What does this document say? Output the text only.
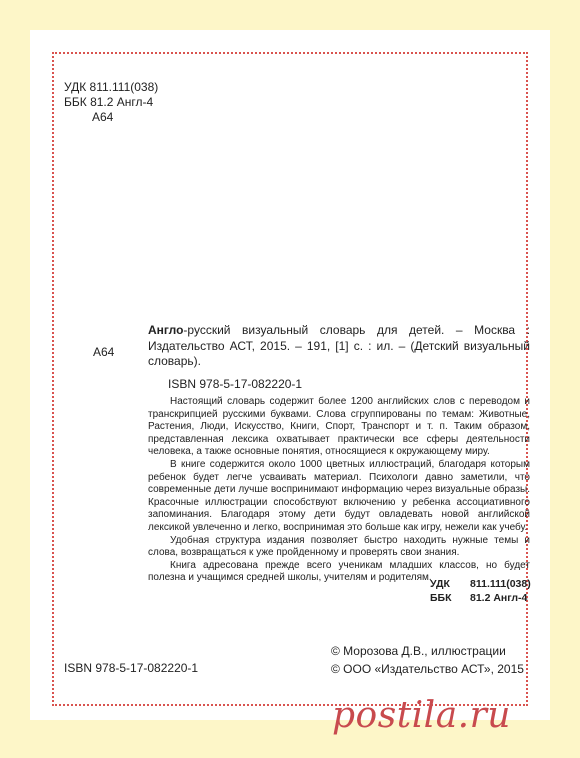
УДК 811.111(038)
ББК 81.2 Англ-4
А64
А64
Англо-русский визуальный словарь для детей. – Москва : Издательство АСТ, 2015. – 191, [1] с. : ил. – (Детский визуальный словарь).
ISBN 978-5-17-082220-1

Настоящий словарь содержит более 1200 английских слов с переводом и транскрипцией русскими буквами. Слова сгруппированы по темам: Животные, Растения, Люди, Искусство, Книги, Спорт, Транспорт и т. п. Таким образом, представленная лексика охватывает практически все сферы деятельности человека, а также основные понятия, относящиеся к окружающему миру.

В книге содержится около 1000 цветных иллюстраций, благодаря которым ребенок будет легче усваивать материал. Психологи давно заметили, что современные дети лучше воспринимают информацию через визуальные образы. Красочные иллюстрации способствуют включению у ребенка ассоциативного запоминания. Благодаря этому дети будут овладевать новой английской лексикой увлеченно и легко, воспринимая это больше как игру, нежели как учебу.

Удобная структура издания позволяет быстро находить нужные темы и слова, возвращаться к уже пройденному и проверять свои знания.

Книга адресована прежде всего ученикам младших классов, но будет полезна и учащимся средней школы, учителям и родителям.

УДК 811.111(038)
ББК 81.2 Англ-4
ISBN 978-5-17-082220-1
© Морозова Д.В., иллюстрации
© ООО «Издательство АСТ», 2015
postila.ru
